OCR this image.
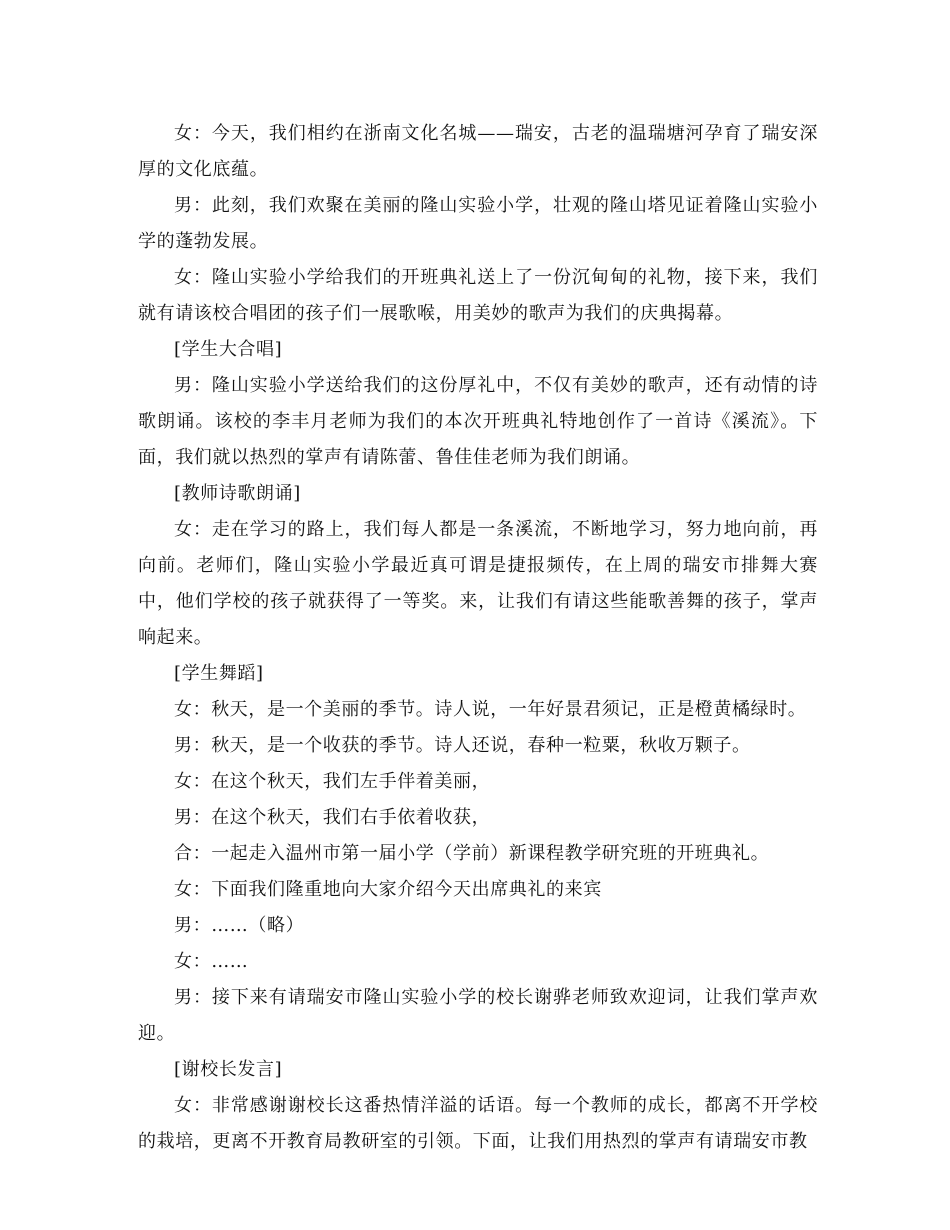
女：今天，我们相约在浙南文化名城——瑞安，古老的温瑞塘河孕育了瑞安深厚的文化底蕴。

男：此刻，我们欢聚在美丽的隆山实验小学，壮观的隆山塔见证着隆山实验小学的蓬勃发展。

女：隆山实验小学给我们的开班典礼送上了一份沉甸甸的礼物，接下来，我们就有请该校合唱团的孩子们一展歌喉，用美妙的歌声为我们的庆典揭幕。

[学生大合唱]

男：隆山实验小学送给我们的这份厚礼中，不仅有美妙的歌声，还有动情的诗歌朗诵。该校的李丰月老师为我们的本次开班典礼特地创作了一首诗《溪流》。下面，我们就以热烈的掌声有请陈蕾、鲁佳佳老师为我们朗诵。

[教师诗歌朗诵]

女：走在学习的路上，我们每人都是一条溪流，不断地学习，努力地向前，再向前。老师们，隆山实验小学最近真可谓是捷报频传，在上周的瑞安市排舞大赛中，他们学校的孩子就获得了一等奖。来，让我们有请这些能歌善舞的孩子，掌声响起来。

[学生舞蹈]

女：秋天，是一个美丽的季节。诗人说，一年好景君须记，正是橙黄橘绿时。

男：秋天，是一个收获的季节。诗人还说，春种一粒粟，秋收万颗子。

女：在这个秋天，我们左手伴着美丽，

男：在这个秋天，我们右手依着收获，

合：一起走入温州市第一届小学（学前）新课程教学研究班的开班典礼。

女：下面我们隆重地向大家介绍今天出席典礼的来宾

男：……（略）

女：……

男：接下来有请瑞安市隆山实验小学的校长谢骅老师致欢迎词，让我们掌声欢迎。

[谢校长发言]

女：非常感谢谢校长这番热情洋溢的话语。每一个教师的成长，都离不开学校的栽培，更离不开教育局教研室的引领。下面，让我们用热烈的掌声有请瑞安市教
